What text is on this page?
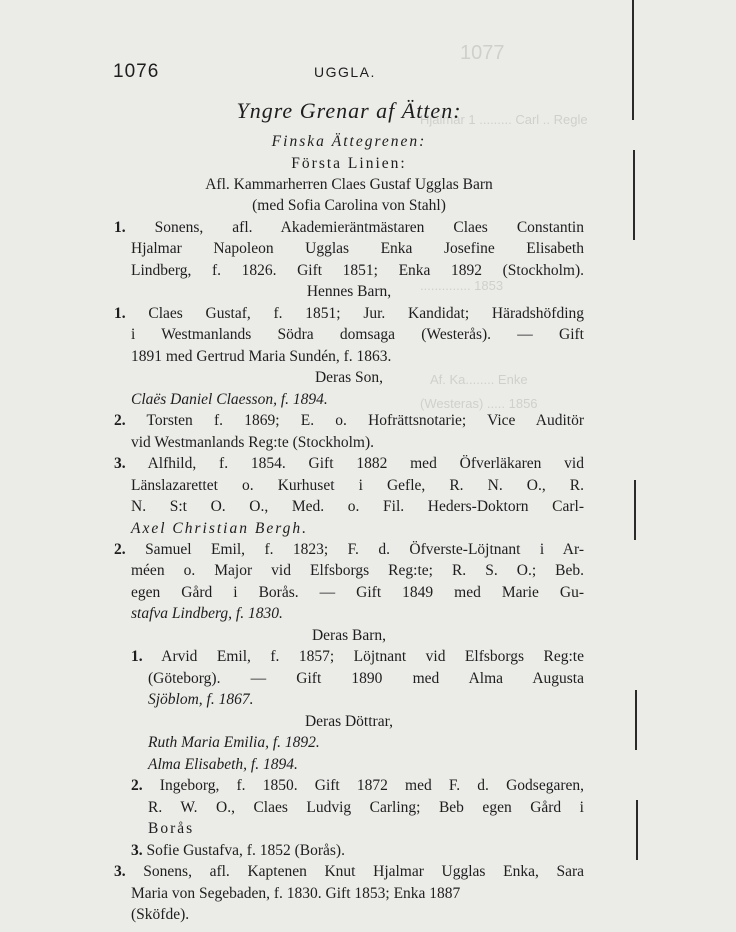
1077
Hjalmar 1 ......... Carl .. Regle
.............. 1853
Af. Ka........ Enke
(Westeras) ..... 1856
1076	UGGLA.
Yngre Grenar af Ätten:
Finska Ättegrenen:
Första Linien:
Afl. Kammarherren Claes Gustaf Ugglas Barn
(med Sofia Carolina von Stahl)
1. Sonens, afl. Akademieräntmästaren Claes Constantin
Hjalmar Napoleon Ugglas Enka Josefine Elisabeth
Lindberg, f. 1826. Gift 1851; Enka 1892 (Stockholm).
Hennes Barn,
1. Claes Gustaf, f. 1851; Jur. Kandidat; Häradshöfding
i Westmanlands Södra domsaga (Westerås). — Gift
1891 med Gertrud Maria Sundén, f. 1863.
Deras Son,
Claës Daniel Claesson, f. 1894.
2. Torsten f. 1869; E. o. Hofrättsnotarie; Vice Auditör
vid Westmanlands Reg:te (Stockholm).
3. Alfhild, f. 1854. Gift 1882 med Öfverläkaren vid
Länslazarettet o. Kurhuset i Gefle, R. N. O., R.
N. S:t O. O., Med. o. Fil. Heders-Doktorn Carl-
Axel Christian Bergh.
2. Samuel Emil, f. 1823; F. d. Öfverste-Löjtnant i Ar-
méen o. Major vid Elfsborgs Reg:te; R. S. O.; Beb.
egen Gård i Borås. — Gift 1849 med Marie Gu-
stafva Lindberg, f. 1830.
Deras Barn,
1. Arvid Emil, f. 1857; Löjtnant vid Elfsborgs Reg:te
(Göteborg). — Gift 1890 med Alma Augusta
Sjöblom, f. 1867.
Deras Döttrar,
Ruth Maria Emilia, f. 1892.
Alma Elisabeth, f. 1894.
2. Ingeborg, f. 1850. Gift 1872 med F. d. Godsegaren,
R. W. O., Claes Ludvig Carling; Beb egen Gård i
Borås
3. Sofie Gustafva, f. 1852 (Borås).
3. Sonens, afl. Kaptenen Knut Hjalmar Ugglas Enka, Sara
Maria von Segebaden, f. 1830. Gift 1853; Enka 1887
(Sköfde).
